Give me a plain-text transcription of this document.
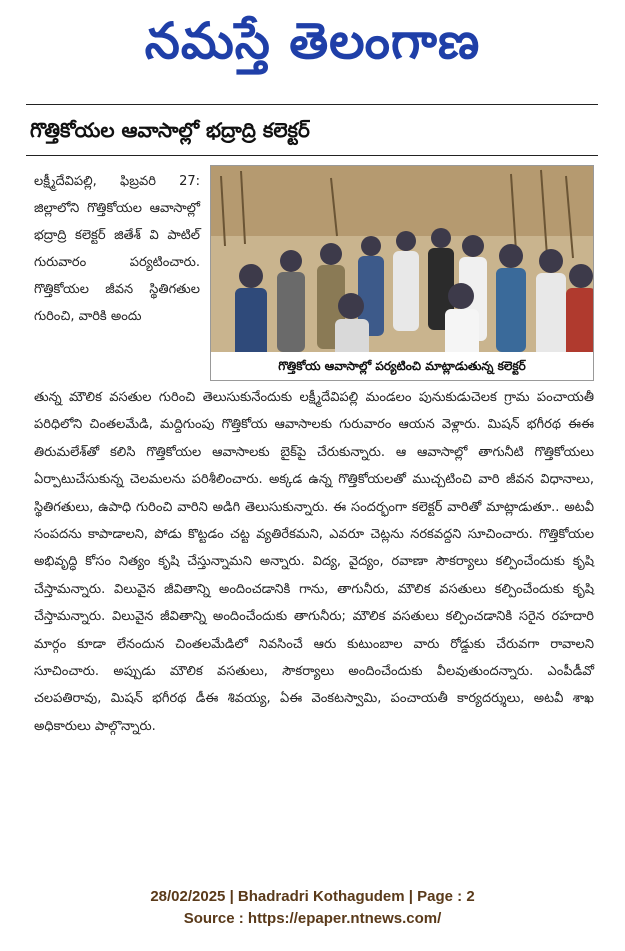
నమస్తే తెలంగాణ
గొత్తికోయల ఆవాసాల్లో భద్రాద్రి కలెక్టర్

లక్ష్మీదేవిపల్లి, ఫిబ్రవరి 27: జిల్లాలోని గొత్తికోయల ఆవాసాల్లో భద్రాద్రి కలెక్టర్ జితేశ్ వి పాటిల్ గురువారం పర్యటించారు. గొత్తికోయల జీవన స్థితిగతుల గురించి, వారికి అందు

గొత్తికోయ ఆవాసాల్లో పర్యటించి మాట్లాడుతున్న కలెక్టర్

తున్న మౌలిక వసతుల గురించి తెలుసుకునేందుకు లక్ష్మీదేవిపల్లి మండలం పునుకుడుచెలక గ్రామ పంచాయతీ పరిధిలోని చింతలమేడి, మద్దిగుంపు గొత్తికోయ ఆవాసాలకు గురువారం ఆయన వెళ్లారు. మిషన్ భగీరథ ఈఈ తిరుమలేశ్‌తో కలిసి గొత్తికోయల ఆవాసాలకు బైక్‌పై చేరుకున్నారు. ఆ ఆవాసాల్లో తాగునీటి గొత్తికోయలు ఏర్పాటుచేసుకున్న చెలమలను పరిశీలించారు. అక్కడ ఉన్న గొత్తికోయలతో ముచ్చటించి వారి జీవన విధానాలు, స్థితిగతులు, ఉపాధి గురించి వారిని అడిగి తెలుసుకున్నారు. ఈ సందర్భంగా కలెక్టర్ వారితో మాట్లాడుతూ.. అటవీ సంపదను కాపాడాలని, పోడు కొట్టడం చట్ట వ్యతిరేకమని, ఎవరూ చెట్లను నరకవద్దని సూచించారు. గొత్తికోయల అభివృద్ధి కోసం నిత్యం కృషి చేస్తున్నామని అన్నారు. విద్య, వైద్యం, రవాణా సౌకర్యాలు కల్పించేందుకు కృషి చేస్తామన్నారు. విలువైన జీవితాన్ని అందించడానికి గాను, తాగునీరు, మౌలిక వసతులు కల్పించేందుకు కృషి చేస్తామన్నారు. విలువైన జీవితాన్ని అందించేందుకు తాగునీరు; మౌలిక వసతులు కల్పించడానికి సరైన రహదారి మార్గం కూడా లేనందున చింతలమేడిలో నివసించే ఆరు కుటుంబాల వారు రోడ్డుకు చేరువగా రావాలని సూచించారు. అప్పుడు మౌలిక వసతులు, సౌకర్యాలు అందించేందుకు వీలవుతుందన్నారు. ఎంపీడీవో చలపతిరావు, మిషన్ భగీరథ డీఈ శివయ్య, ఏఈ వెంకటస్వామి, పంచాయతీ కార్యదర్శులు, అటవీ శాఖ అధికారులు పాల్గొన్నారు.

28/02/2025 | Bhadradri Kothagudem | Page : 2
Source : https://epaper.ntnews.com/
